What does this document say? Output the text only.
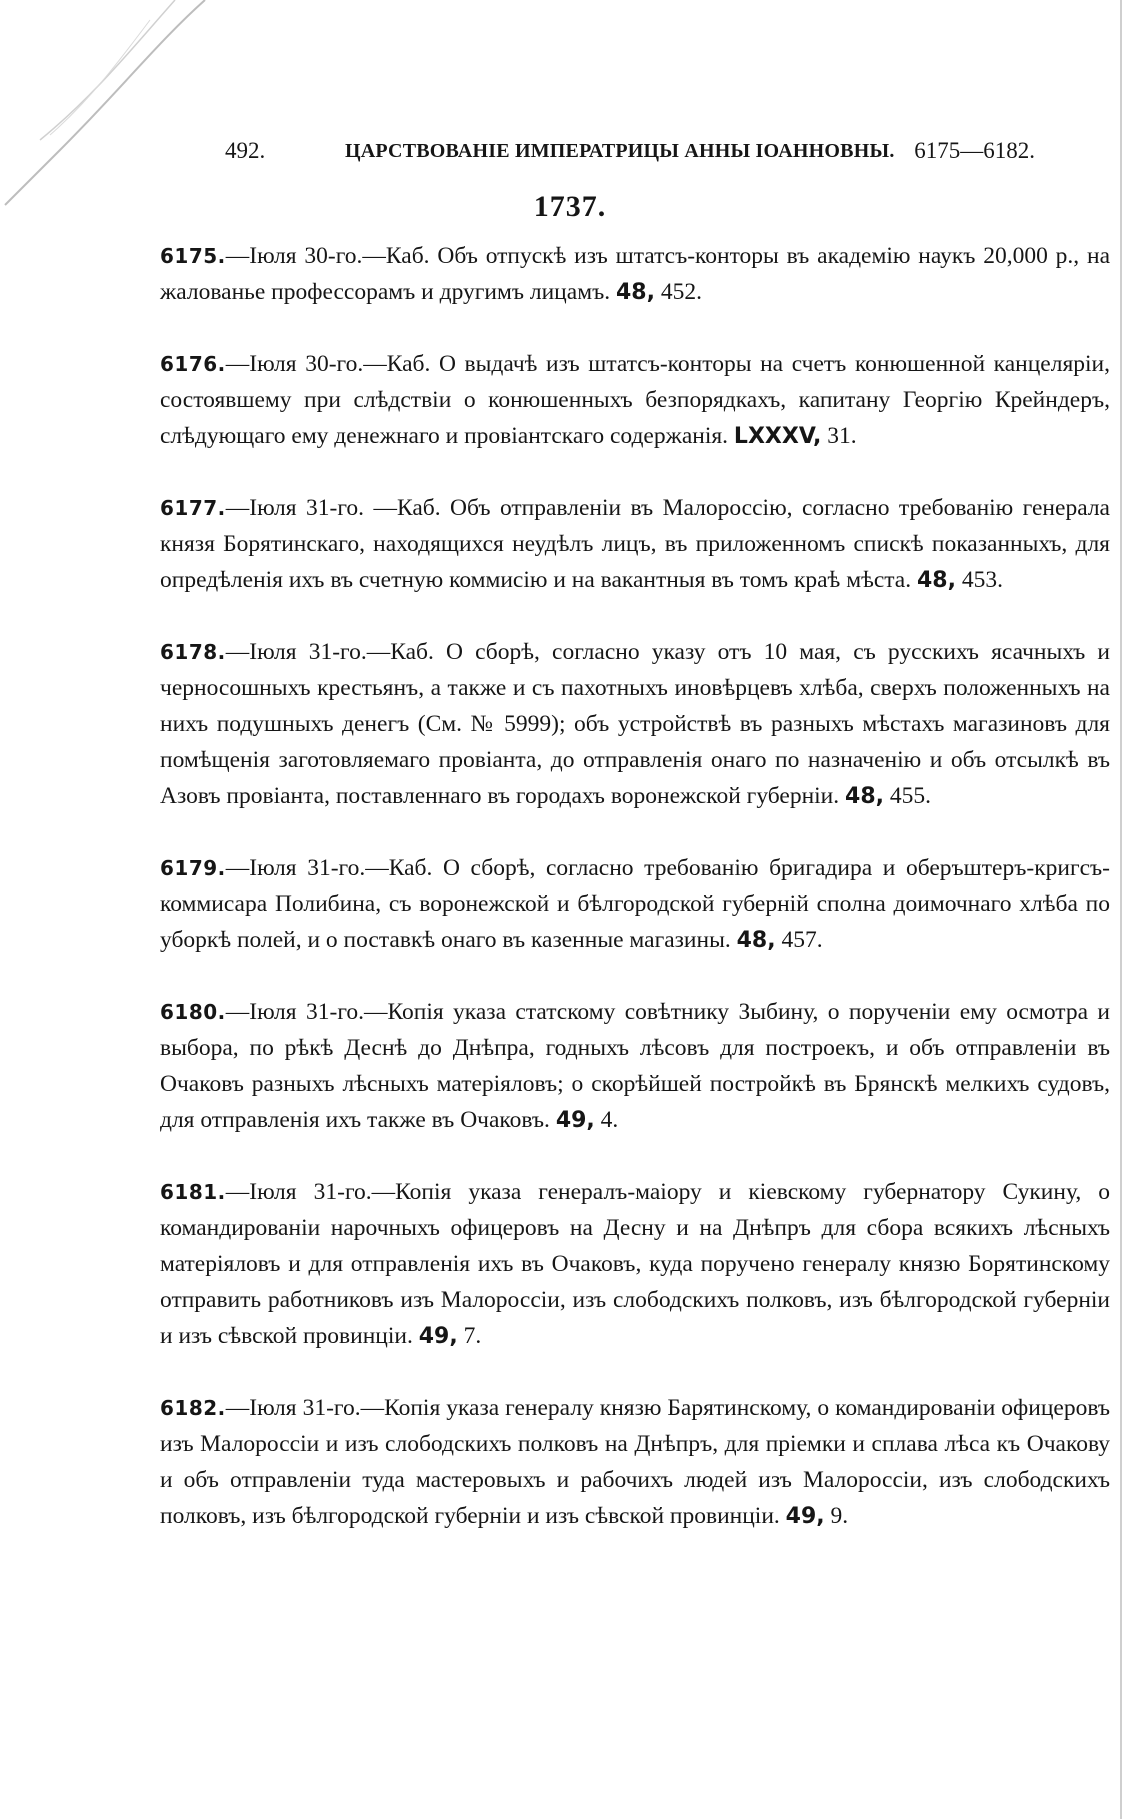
492.	ЦАРСТВОВАНІЕ ИМПЕРАТРИЦЫ АННЫ ІОАННОВНЫ. 6175—6182.
1737.

6175.—Іюля 30-го.—Каб. Объ отпускѣ изъ штатсъ-конторы въ академію наукъ 20,000 р., на жалованье профессорамъ и другимъ лицамъ. 48, 452.

6176.—Іюля 30-го.—Каб. О выдачѣ изъ штатсъ-конторы на счетъ конюшенной канцеляріи, состоявшему при слѣдствіи о конюшенныхъ безпорядкахъ, капитану Георгію Крейндеръ, слѣдующаго ему денежнаго и провіантскаго содержанія. LXXXV, 31.

6177.—Іюля 31-го. —Каб. Объ отправленіи въ Малороссію, согласно требованію генерала князя Борятинскаго, находящихся неудѣлъ лицъ, въ приложенномъ спискѣ показанныхъ, для опредѣленія ихъ въ счетную коммисію и на вакантныя въ томъ краѣ мѣста. 48, 453.

6178.—Іюля 31-го.—Каб. О сборѣ, согласно указу отъ 10 мая, съ русскихъ ясачныхъ и черносошныхъ крестьянъ, а также и съ пахотныхъ иновѣрцевъ хлѣба, сверхъ положенныхъ на нихъ подушныхъ денегъ (См. № 5999); объ устройствѣ въ разныхъ мѣстахъ магазиновъ для помѣщенія заготовляемаго провіанта, до отправленія онаго по назначенію и объ отсылкѣ въ Азовъ провіанта, поставленнаго въ городахъ воронежской губерніи. 48, 455.

6179.—Іюля 31-го.—Каб. О сборѣ, согласно требованію бригадира и оберъштеръ-кригсъ-коммисара Полибина, съ воронежской и бѣлгородской губерній сполна доимочнаго хлѣба по уборкѣ полей, и о поставкѣ онаго въ казенные магазины. 48, 457.

6180.—Іюля 31-го.—Копія указа статскому совѣтнику Зыбину, о порученіи ему осмотра и выбора, по рѣкѣ Деснѣ до Днѣпра, годныхъ лѣсовъ для построекъ, и объ отправленіи въ Очаковъ разныхъ лѣсныхъ матеріяловъ; о скорѣйшей постройкѣ въ Брянскѣ мелкихъ судовъ, для отправленія ихъ также въ Очаковъ. 49, 4.

6181.—Іюля 31-го.—Копія указа генералъ-маіору и кіевскому губернатору Сукину, о командированіи нарочныхъ офицеровъ на Десну и на Днѣпръ для сбора всякихъ лѣсныхъ матеріяловъ и для отправленія ихъ въ Очаковъ, куда поручено генералу князю Борятинскому отправить работниковъ изъ Малороссіи, изъ слободскихъ полковъ, изъ бѣлгородской губерніи и изъ сѣвской провинціи. 49, 7.

6182.—Іюля 31-го.—Копія указа генералу князю Барятинскому, о командированіи офицеровъ изъ Малороссіи и изъ слободскихъ полковъ на Днѣпръ, для пріемки и сплава лѣса къ Очакову и объ отправленіи туда мастеровыхъ и рабочихъ людей изъ Малороссіи, изъ слободскихъ полковъ, изъ бѣлгородской губерніи и изъ сѣвской провинціи. 49, 9.
